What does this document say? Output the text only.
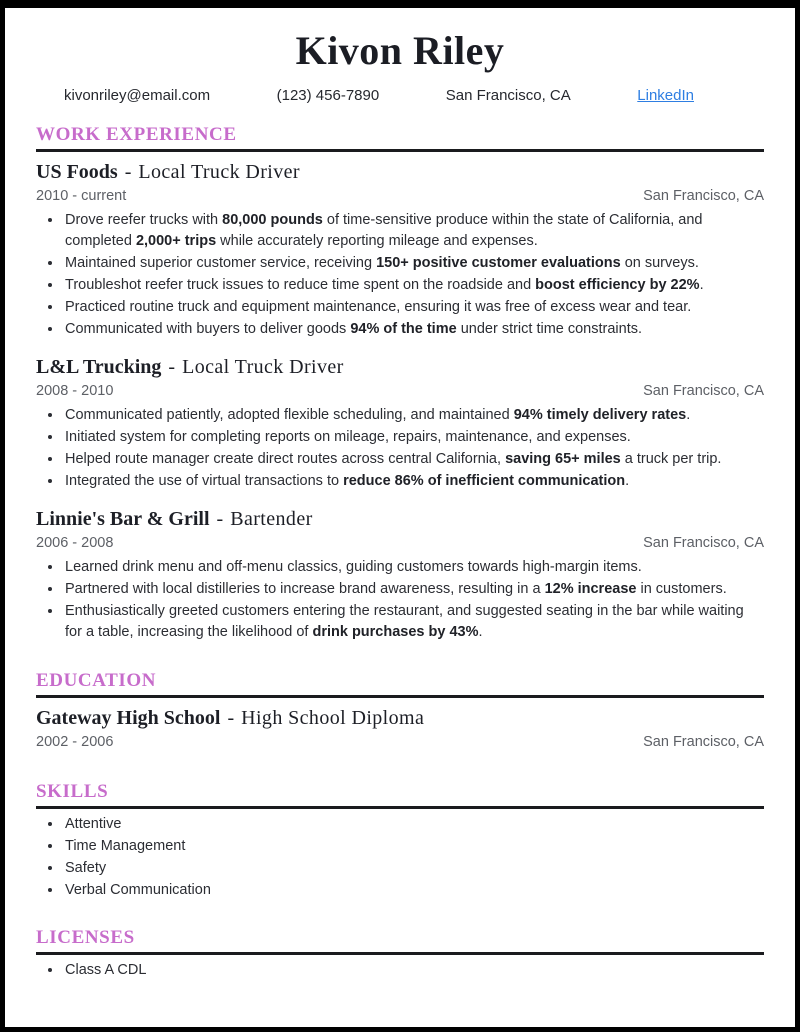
Kivon Riley
kivonriley@email.com	(123) 456-7890	San Francisco, CA	LinkedIn
WORK EXPERIENCE
US Foods - Local Truck Driver
2010 - current	San Francisco, CA
• Drove reefer trucks with 80,000 pounds of time-sensitive produce within the state of California, and completed 2,000+ trips while accurately reporting mileage and expenses.
• Maintained superior customer service, receiving 150+ positive customer evaluations on surveys.
• Troubleshot reefer truck issues to reduce time spent on the roadside and boost efficiency by 22%.
• Practiced routine truck and equipment maintenance, ensuring it was free of excess wear and tear.
• Communicated with buyers to deliver goods 94% of the time under strict time constraints.
L&L Trucking - Local Truck Driver
2008 - 2010	San Francisco, CA
• Communicated patiently, adopted flexible scheduling, and maintained 94% timely delivery rates.
• Initiated system for completing reports on mileage, repairs, maintenance, and expenses.
• Helped route manager create direct routes across central California, saving 65+ miles a truck per trip.
• Integrated the use of virtual transactions to reduce 86% of inefficient communication.
Linnie's Bar & Grill - Bartender
2006 - 2008	San Francisco, CA
• Learned drink menu and off-menu classics, guiding customers towards high-margin items.
• Partnered with local distilleries to increase brand awareness, resulting in a 12% increase in customers.
• Enthusiastically greeted customers entering the restaurant, and suggested seating in the bar while waiting for a table, increasing the likelihood of drink purchases by 43%.
EDUCATION
Gateway High School - High School Diploma
2002 - 2006	San Francisco, CA
SKILLS
• Attentive
• Time Management
• Safety
• Verbal Communication
LICENSES
• Class A CDL
